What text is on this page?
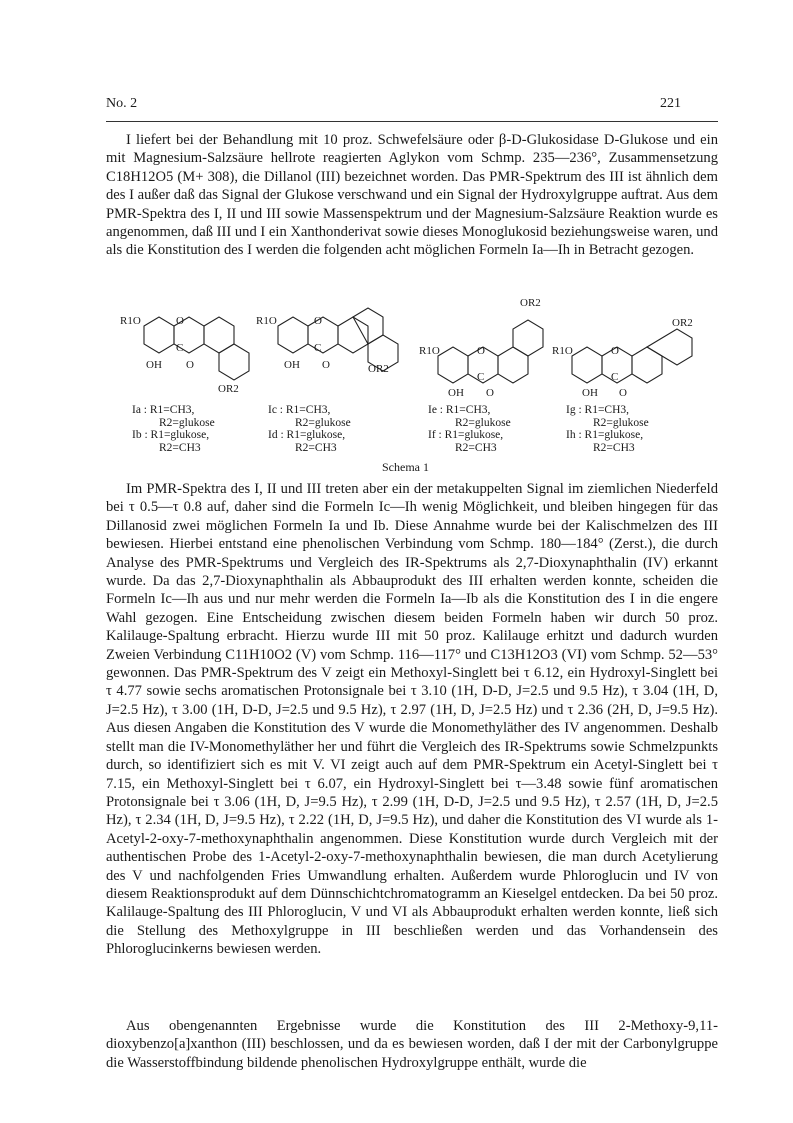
No. 2	221
I liefert bei der Behandlung mit 10 proz. Schwefelsäure oder β-D-Glukosidase D-Glukose und ein mit Magnesium-Salzsäure hellrote reagierten Aglykon vom Schmp. 235—236°, Zusammensetzung C18H12O5 (M+ 308), die Dillanol (III) bezeichnet worden. Das PMR-Spektrum des III ist ähnlich dem des I außer daß das Signal der Glukose verschwand und ein Signal der Hydroxylgruppe auftrat. Aus dem PMR-Spektra des I, II und III sowie Massenspektrum und der Magnesium-Salzsäure Reaktion wurde es angenommen, daß III und I ein Xanthonderivat sowie dieses Monoglukosid beziehungsweise waren, und als die Konstitution des I werden die folgenden acht möglichen Formeln Ia—Ih in Betracht gezogen.
R1O	O
C
OH O
OR2
R1O	O
C
OH O	OR2
OR2
R1O	O
C
OH O
R1O	O
C
OH O
OR2
Ia : R1=CH3,
R2=glukose
Ib : R1=glukose,
R2=CH3
Ic : R1=CH3,
R2=glukose
Id : R1=glukose,
R2=CH3
Ie : R1=CH3,
R2=glukose
If : R1=glukose,
R2=CH3
Ig : R1=CH3,
R2=glukose
Ih : R1=glukose,
R2=CH3
Schema 1
Im PMR-Spektra des I, II und III treten aber ein der metakuppelten Signal im ziemlichen Niederfeld bei τ 0.5—τ 0.8 auf, daher sind die Formeln Ic—Ih wenig Möglichkeit, und bleiben hingegen für das Dillanosid zwei möglichen Formeln Ia und Ib. Diese Annahme wurde bei der Kalischmelzen des III bewiesen. Hierbei entstand eine phenolischen Verbindung vom Schmp. 180—184° (Zerst.), die durch Analyse des PMR-Spektrums und Vergleich des IR-Spektrums als 2,7-Dioxynaphthalin (IV) erkannt wurde. Da das 2,7-Dioxynaphthalin als Abbauprodukt des III erhalten werden konnte, scheiden die Formeln Ic—Ih aus und nur mehr werden die Formeln Ia—Ib als die Konstitution des I in die engere Wahl gezogen. Eine Entscheidung zwischen diesem beiden Formeln haben wir durch 50 proz. Kalilauge-Spaltung erbracht. Hierzu wurde III mit 50 proz. Kalilauge erhitzt und dadurch wurden Zweien Verbindung C11H10O2 (V) vom Schmp. 116—117° und C13H12O3 (VI) vom Schmp. 52—53° gewonnen. Das PMR-Spektrum des V zeigt ein Methoxyl-Singlett bei τ 6.12, ein Hydroxyl-Singlett bei τ 4.77 sowie sechs aromatischen Protonsignale bei τ 3.10 (1H, D-D, J=2.5 und 9.5 Hz), τ 3.04 (1H, D, J=2.5 Hz), τ 3.00 (1H, D-D, J=2.5 und 9.5 Hz), τ 2.97 (1H, D, J=2.5 Hz) und τ 2.36 (2H, D, J=9.5 Hz). Aus diesen Angaben die Konstitution des V wurde die Monomethyläther des IV angenommen. Deshalb stellt man die IV-Monomethyläther her und führt die Vergleich des IR-Spektrums sowie Schmelzpunkts durch, so identifiziert sich es mit V. VI zeigt auch auf dem PMR-Spektrum ein Acetyl-Singlett bei τ 7.15, ein Methoxyl-Singlett bei τ 6.07, ein Hydroxyl-Singlett bei τ—3.48 sowie fünf aromatischen Protonsignale bei τ 3.06 (1H, D, J=9.5 Hz), τ 2.99 (1H, D-D, J=2.5 und 9.5 Hz), τ 2.57 (1H, D, J=2.5 Hz), τ 2.34 (1H, D, J=9.5 Hz), τ 2.22 (1H, D, J=9.5 Hz), und daher die Konstitution des VI wurde als 1-Acetyl-2-oxy-7-methoxynaphthalin angenommen. Diese Konstitution wurde durch Vergleich mit der authentischen Probe des 1-Acetyl-2-oxy-7-methoxynaphthalin bewiesen, die man durch Acetylierung des V und nachfolgenden Fries Umwandlung erhalten. Außerdem wurde Phloroglucin und IV von diesem Reaktionsprodukt auf dem Dünnschichtchromatogramm an Kieselgel entdecken. Da bei 50 proz. Kalilauge-Spaltung des III Phloroglucin, V und VI als Abbauprodukt erhalten werden konnte, ließ sich die Stellung des Methoxylgruppe in III beschließen werden und das Vorhandensein des Phloroglucinkerns bewiesen werden.
Aus obengenannten Ergebnisse wurde die Konstitution des III 2-Methoxy-9,11-dioxybenzo[a]xanthon (III) beschlossen, und da es bewiesen worden, daß I der mit der Carbonylgruppe die Wasserstoffbindung bildende phenolischen Hydroxylgruppe enthält, wurde die
